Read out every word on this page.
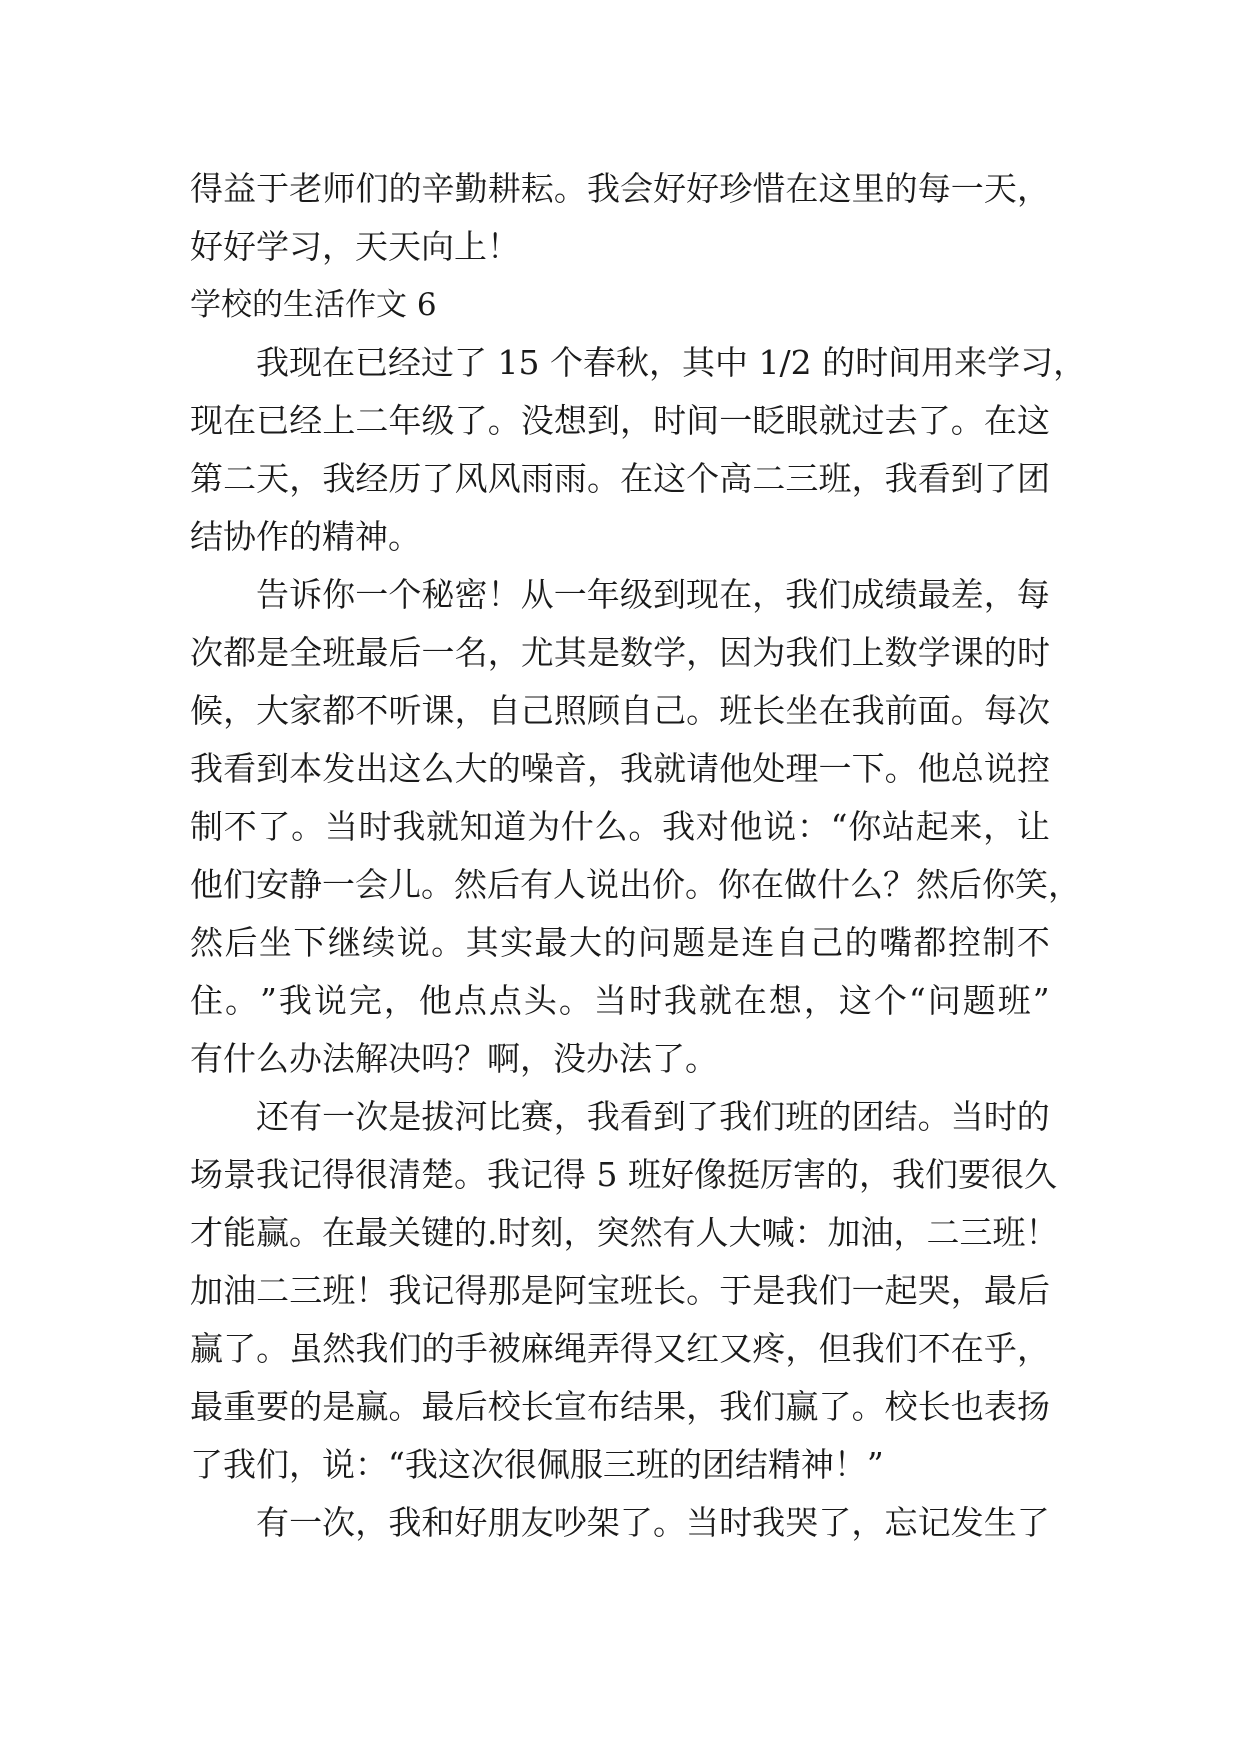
得 益 于 老 师 们 的 辛 勤 耕 耘 。 我 会 好 好 珍 惜 在 这 里 的 每 一 天 ，
好好学习，天天向上！
学校的生活作文 6
我 现 在 已 经 过 了
1 5
个 春 秋 ， 其 中
1 / 2
的 时 间 用 来 学 习 ，
现 在 已 经 上 二 年 级 了 。 没 想 到 ， 时 间 一 眨 眼 就 过 去 了 。 在 这
第 二 天 ， 我 经 历 了 风 风 雨 雨 。 在 这 个 高 二 三 班 ， 我 看 到 了 团
结协作的精神。
告 诉 你 一 个 秘 密 ！ 从 一 年 级 到 现 在 ， 我 们 成 绩 最 差 ， 每
次 都 是 全 班 最 后 一 名 ， 尤 其 是 数 学 ， 因 为 我 们 上 数 学 课 的 时
候 ， 大 家 都 不 听 课 ， 自 己 照 顾 自 己 。 班 长 坐 在 我 前 面 。 每 次
我 看 到 本 发 出 这 么 大 的 噪 音 ， 我 就 请 他 处 理 一 下 。 他 总 说 控
制 不 了 。 当 时 我 就 知 道 为 什 么 。 我 对 他 说 ： “ 你 站 起 来 ， 让
他 们 安 静 一 会 儿 。 然 后 有 人 说 出 价 。 你 在 做 什 么 ？ 然 后 你 笑 ，
然 后 坐 下 继 续 说 。 其 实 最 大 的 问 题 是 连 自 己 的 嘴 都 控 制 不
住 。 ” 我 说 完 ， 他 点 点 头 。 当 时 我 就 在 想 ， 这 个 “ 问 题 班 ”
有什么办法解决吗？啊，没办法了。
还 有 一 次 是 拔 河 比 赛 ， 我 看 到 了 我 们 班 的 团 结 。 当 时 的
场 景 我 记 得 很 清 楚 。 我 记 得
5
班 好 像 挺 厉 害 的 ， 我 们 要 很 久
才 能 赢 。 在 最 关 键 的 . 时 刻 ， 突 然 有 人 大 喊 ： 加 油 ， 二 三 班 ！
加 油 二 三 班 ！ 我 记 得 那 是 阿 宝 班 长 。 于 是 我 们 一 起 哭 ， 最 后
赢 了 。 虽 然 我 们 的 手 被 麻 绳 弄 得 又 红 又 疼 ， 但 我 们 不 在 乎 ，
最 重 要 的 是 赢 。 最 后 校 长 宣 布 结 果 ， 我 们 赢 了 。 校 长 也 表 扬
了我们，说：“我这次很佩服三班的团结精神！”
有 一 次 ， 我 和 好 朋 友 吵 架 了 。 当 时 我 哭 了 ， 忘 记 发 生 了
